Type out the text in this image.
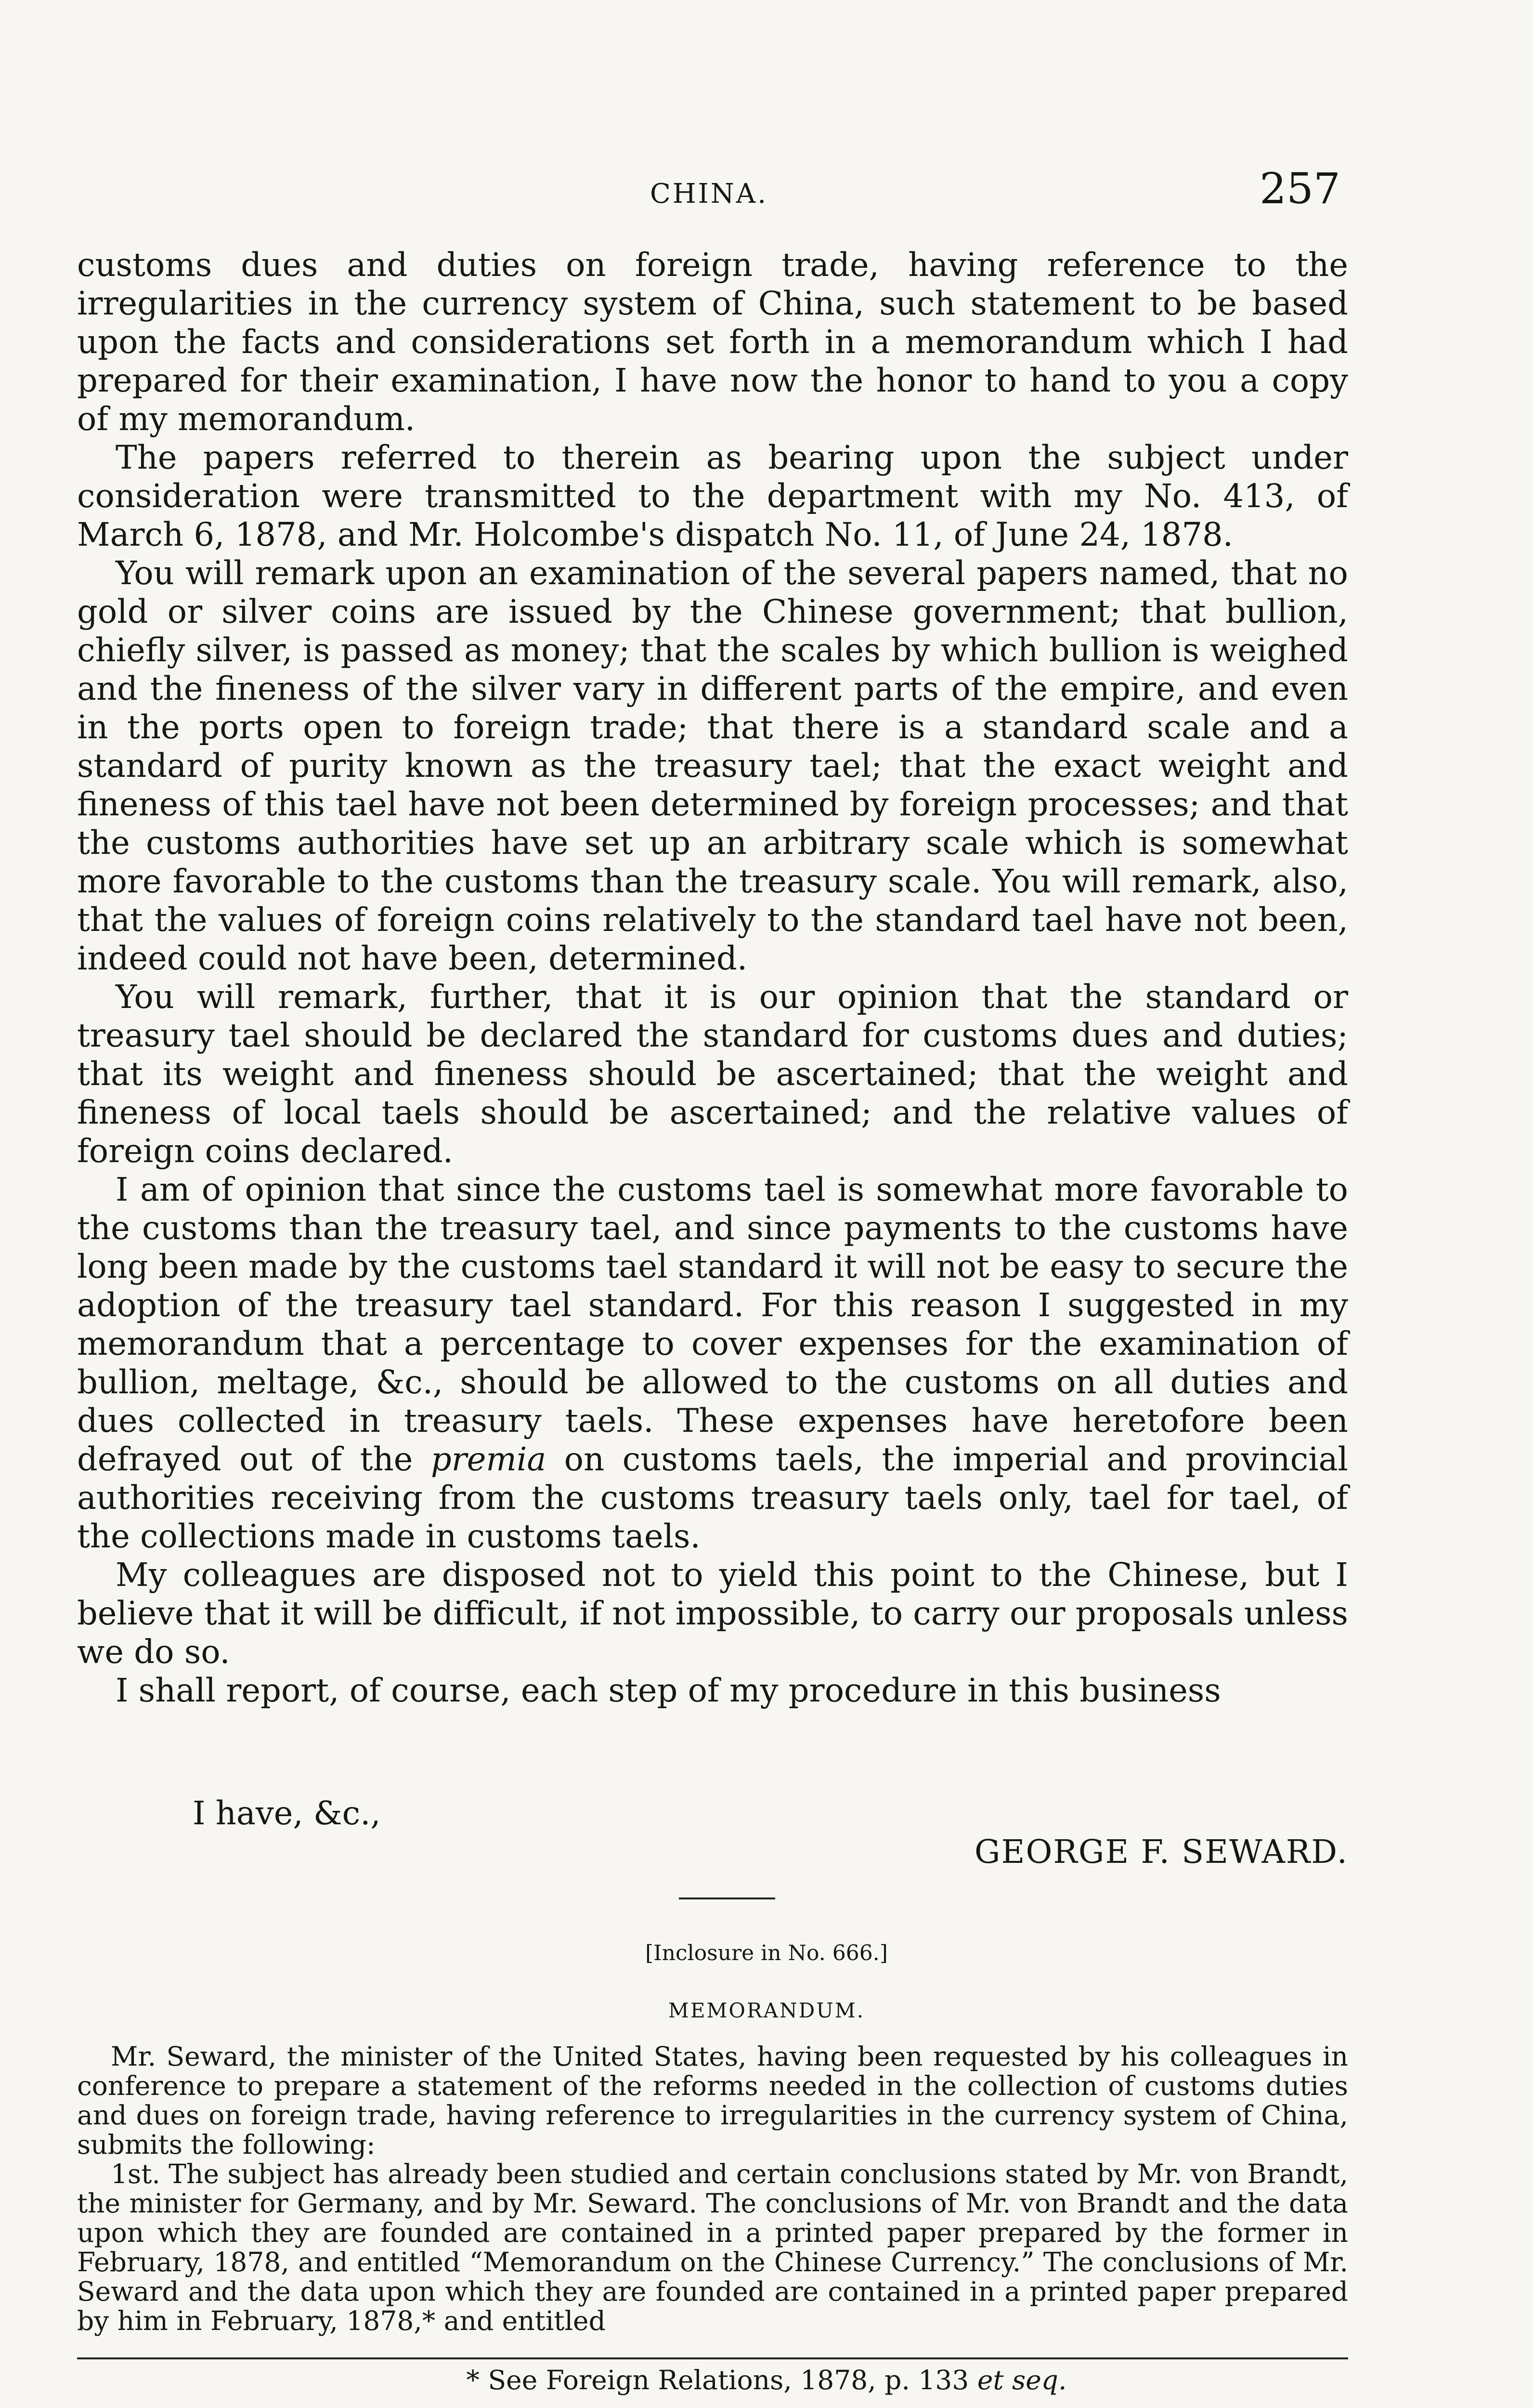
CHINA.	257

customs dues and duties on foreign trade, having reference to the irregularities in the currency system of China, such statement to be based upon the facts and considerations set forth in a memorandum which I had prepared for their examination, I have now the honor to hand to you a copy of my memorandum.

The papers referred to therein as bearing upon the subject under consideration were transmitted to the department with my No. 413, of March 6, 1878, and Mr. Holcombe's dispatch No. 11, of June 24, 1878.

You will remark upon an examination of the several papers named, that no gold or silver coins are issued by the Chinese government; that bullion, chiefly silver, is passed as money; that the scales by which bullion is weighed and the fineness of the silver vary in different parts of the empire, and even in the ports open to foreign trade; that there is a standard scale and a standard of purity known as the treasury tael; that the exact weight and fineness of this tael have not been determined by foreign processes; and that the customs authorities have set up an arbitrary scale which is somewhat more favorable to the customs than the treasury scale. You will remark, also, that the values of foreign coins relatively to the standard tael have not been, indeed could not have been, determined.

You will remark, further, that it is our opinion that the standard or treasury tael should be declared the standard for customs dues and duties; that its weight and fineness should be ascertained; that the weight and fineness of local taels should be ascertained; and the relative values of foreign coins declared.

I am of opinion that since the customs tael is somewhat more favorable to the customs than the treasury tael, and since payments to the customs have long been made by the customs tael standard it will not be easy to secure the adoption of the treasury tael standard. For this reason I suggested in my memorandum that a percentage to cover expenses for the examination of bullion, meltage, &c., should be allowed to the customs on all duties and dues collected in treasury taels. These expenses have heretofore been defrayed out of the premia on customs taels, the imperial and provincial authorities receiving from the customs treasury taels only, tael for tael, of the collections made in customs taels.

My colleagues are disposed not to yield this point to the Chinese, but I believe that it will be difficult, if not impossible, to carry our proposals unless we do so.

I shall report, of course, each step of my procedure in this business

I have, &c.,
GEORGE F. SEWARD.
[Inclosure in No. 666.]
MEMORANDUM.

Mr. Seward, the minister of the United States, having been requested by his colleagues in conference to prepare a statement of the reforms needed in the collection of customs duties and dues on foreign trade, having reference to irregularities in the currency system of China, submits the following:

1st. The subject has already been studied and certain conclusions stated by Mr. von Brandt, the minister for Germany, and by Mr. Seward. The conclusions of Mr. von Brandt and the data upon which they are founded are contained in a printed paper prepared by the former in February, 1878, and entitled “Memorandum on the Chinese Currency.” The conclusions of Mr. Seward and the data upon which they are founded are contained in a printed paper prepared by him in February, 1878,* and entitled

* See Foreign Relations, 1878, p. 133 et seq.
